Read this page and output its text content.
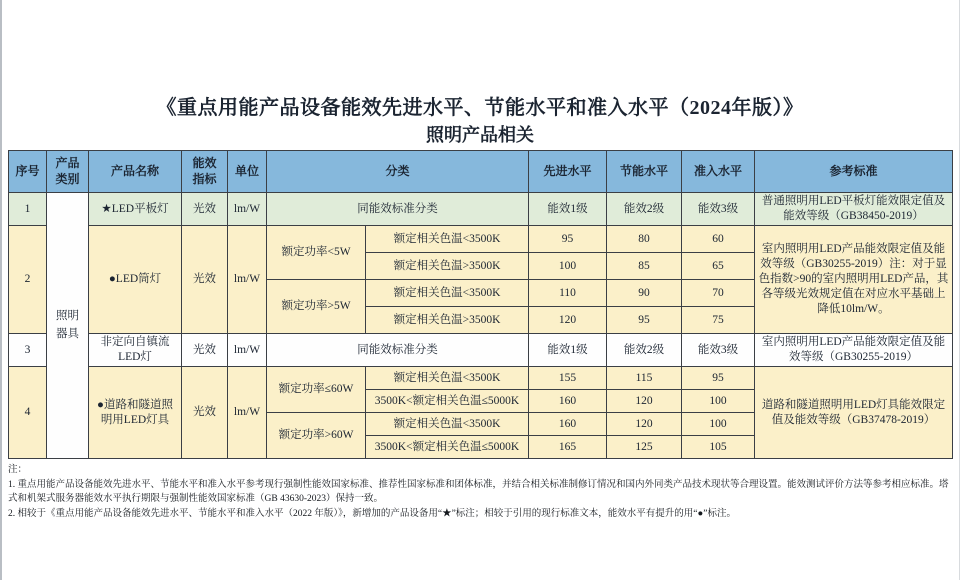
《重点用能产品设备能效先进水平、节能水平和准入水平（2024年版）》
照明产品相关
序号	产品类别	产品名称	能效指标	单位	分类		先进水平	节能水平	准入水平	参考标准
1	照明器具	★LED平板灯	光效	lm/W	同能效标准分类		能效1级	能效2级	能效3级	普通照明用LED平板灯能效限定值及能效等级（GB38450-2019）
2		●LED筒灯	光效	lm/W	额定功率<5W	额定相关色温<3500K	95	80	60	室内照明用LED产品能效限定值及能效等级（GB30255-2019）注：对于显色指数>90的室内照明用LED产品，其各等级光效规定值在对应水平基础上降低10lm/W。
						额定相关色温>3500K	100	85	65	
					额定功率>5W	额定相关色温<3500K	110	90	70	
						额定相关色温>3500K	120	95	75	
3		非定向自镇流LED灯	光效	lm/W	同能效标准分类		能效1级	能效2级	能效3级	室内照明用LED产品能效限定值及能效等级（GB30255-2019）
4		●道路和隧道照明用LED灯具	光效	lm/W	额定功率≤60W	额定相关色温<3500K	155	115	95	道路和隧道照明用LED灯具能效限定值及能效等级（GB37478-2019）
						3500K<额定相关色温≤5000K	160	120	100	
					额定功率>60W	额定相关色温<3500K	160	120	100	
						3500K<额定相关色温≤5000K	165	125	105	

注：

1. 重点用能产品设备能效先进水平、节能水平和准入水平参考现行强制性能效国家标准、推荐性国家标准和团体标准，并结合相关标准制修订情况和国内外同类产品技术现状等合理设置。能效测试评价方法等参考相应标准。塔式和机架式服务器能效水平执行期限与强制性能效国家标准（GB 43630-2023）保持一致。

2. 相较于《重点用能产品设备能效先进水平、节能水平和准入水平（2022 年版）》，新增加的产品设备用“★”标注；相较于引用的现行标准文本，能效水平有提升的用“●”标注。
